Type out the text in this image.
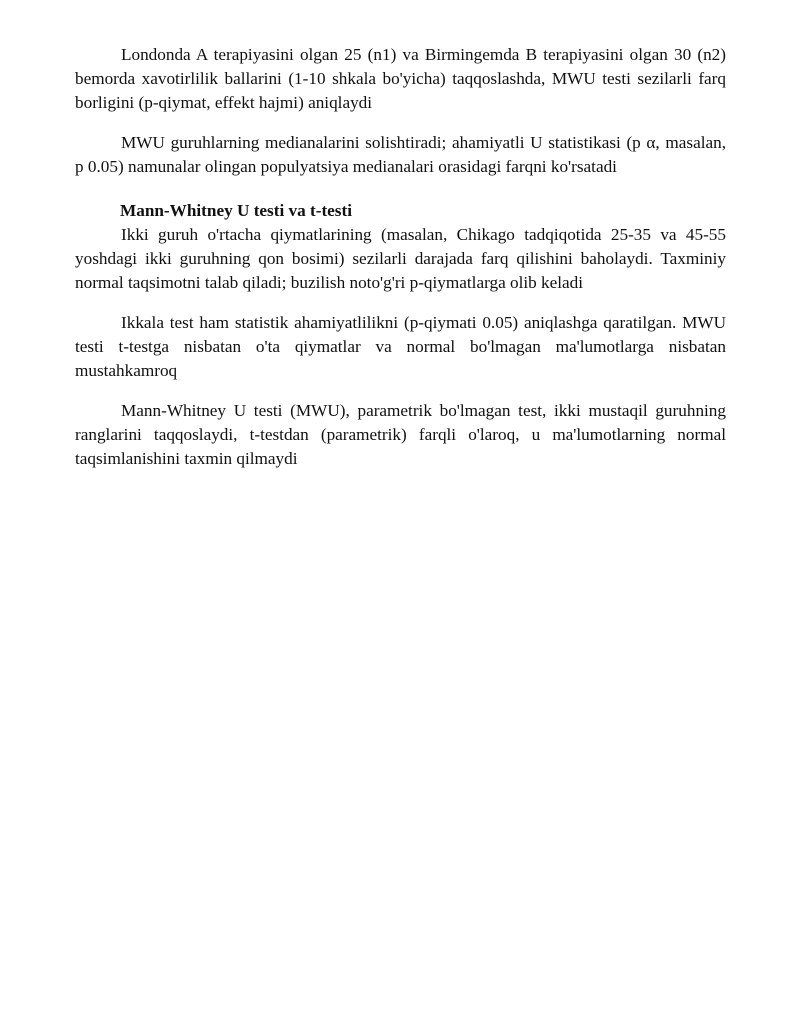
Londonda A terapiyasini olgan 25 (n1) va Birmingemda B terapiyasini olgan 30 (n2) bemorda xavotirlilik ballarini (1-10 shkala bo'yicha) taqqoslashda, MWU testi sezilarli farq borligini (p-qiymat, effekt hajmi) aniqlaydi

MWU guruhlarning medianalarini solishtiradi; ahamiyatli U statistikasi (p α, masalan, p 0.05) namunalar olingan populyatsiya medianalari orasidagi farqni ko'rsatadi

Mann-Whitney U testi va t-testi

Ikki guruh o'rtacha qiymatlarining (masalan, Chikago tadqiqotida 25-35 va 45-55 yoshdagi ikki guruhning qon bosimi) sezilarli darajada farq qilishini baholaydi. Taxminiy normal taqsimotni talab qiladi; buzilish noto'g'ri p-qiymatlarga olib keladi

Ikkala test ham statistik ahamiyatlilikni (p-qiymati 0.05) aniqlashga qaratilgan. MWU testi t-testga nisbatan o'ta qiymatlar va normal bo'lmagan ma'lumotlarga nisbatan mustahkamroq

Mann-Whitney U testi (MWU), parametrik bo'lmagan test, ikki mustaqil guruhning ranglarini taqqoslaydi, t-testdan (parametrik) farqli o'laroq, u ma'lumotlarning normal taqsimlanishini taxmin qilmaydi
